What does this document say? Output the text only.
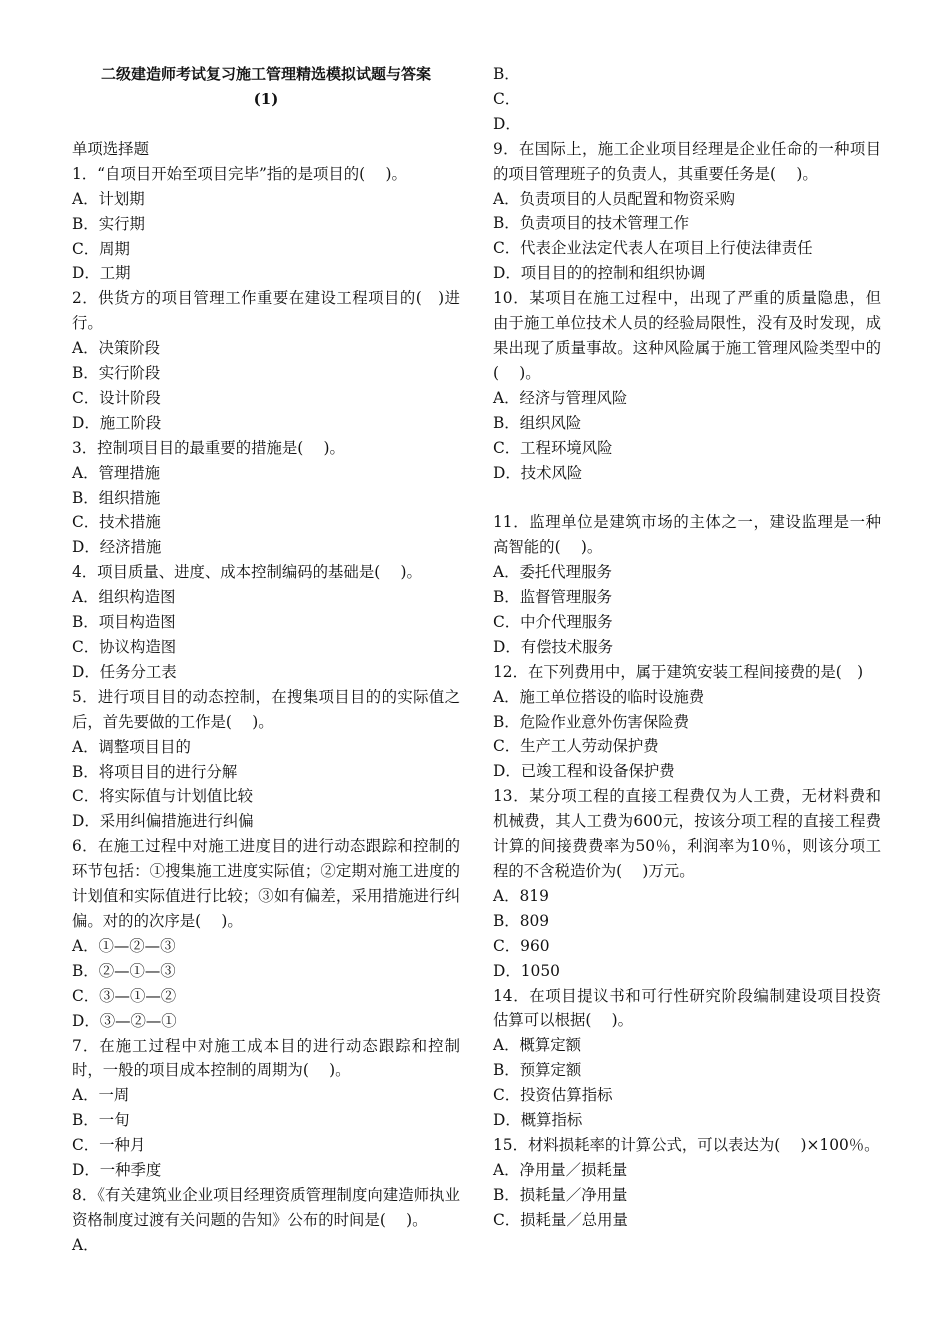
二级建造师考试复习施工管理精选模拟试题与答案

(1)

单项选择题
1．“自项目开始至项目完毕”指的是项目的(　 )。
A．计划期
B．实行期
C．周期
D．工期
2．供货方的项目管理工作重要在建设工程项目的(　)进行。
A．决策阶段
B．实行阶段
C．设计阶段
D．施工阶段
3．控制项目目的最重要的措施是(　 )。
A．管理措施
B．组织措施
C．技术措施
D．经济措施
4．项目质量、进度、成本控制编码的基础是(　 )。
A．组织构造图
B．项目构造图
C．协议构造图
D．任务分工表
5．进行项目目的动态控制，在搜集项目目的的实际值之后，首先要做的工作是(　 )。
A．调整项目目的
B．将项目目的进行分解
C．将实际值与计划值比较
D．采用纠偏措施进行纠偏
6．在施工过程中对施工进度目的进行动态跟踪和控制的环节包括：①搜集施工进度实际值；②定期对施工进度的计划值和实际值进行比较；③如有偏差，采用措施进行纠偏。对的的次序是(　 )。
A．①—②—③
B．②—①—③
C．③—①—②
D．③—②—①
7．在施工过程中对施工成本目的进行动态跟踪和控制时，一般的项目成本控制的周期为(　 )。
A．一周
B．一旬
C．一种月
D．一种季度
8．《有关建筑业企业项目经理资质管理制度向建造师执业资格制度过渡有关问题的告知》公布的时间是(　 )。
A．
B．
C．
D．
9．在国际上，施工企业项目经理是企业任命的一种项目的项目管理班子的负责人，其重要任务是(　 )。
A．负责项目的人员配置和物资采购
B．负责项目的技术管理工作
C．代表企业法定代表人在项目上行使法律责任
D．项目目的的控制和组织协调
10．某项目在施工过程中，出现了严重的质量隐患，但由于施工单位技术人员的经验局限性，没有及时发现，成果出现了质量事故。这种风险属于施工管理风险类型中的(　 )。
A．经济与管理风险
B．组织风险
C．工程环境风险
D．技术风险
11．监理单位是建筑市场的主体之一，建设监理是一种高智能的(　 )。
A．委托代理服务
B．监督管理服务
C．中介代理服务
D．有偿技术服务
12．在下列费用中，属于建筑安装工程间接费的是(　)
A．施工单位搭设的临时设施费
B．危险作业意外伤害保险费
C．生产工人劳动保护费
D．已竣工程和设备保护费
13．某分项工程的直接工程费仅为人工费，无材料费和机械费，其人工费为600元，按该分项工程的直接工程费计算的间接费费率为50％，利润率为10％，则该分项工程的不含税造价为(　 )万元。
A．819
B．809
C．960
D．1050
14．在项目提议书和可行性研究阶段编制建设项目投资估算可以根据(　 )。
A．概算定额
B．预算定额
C．投资估算指标
D．概算指标
15．材料损耗率的计算公式，可以表达为(　 )×100％。
A．净用量／损耗量
B．损耗量／净用量
C．损耗量／总用量
